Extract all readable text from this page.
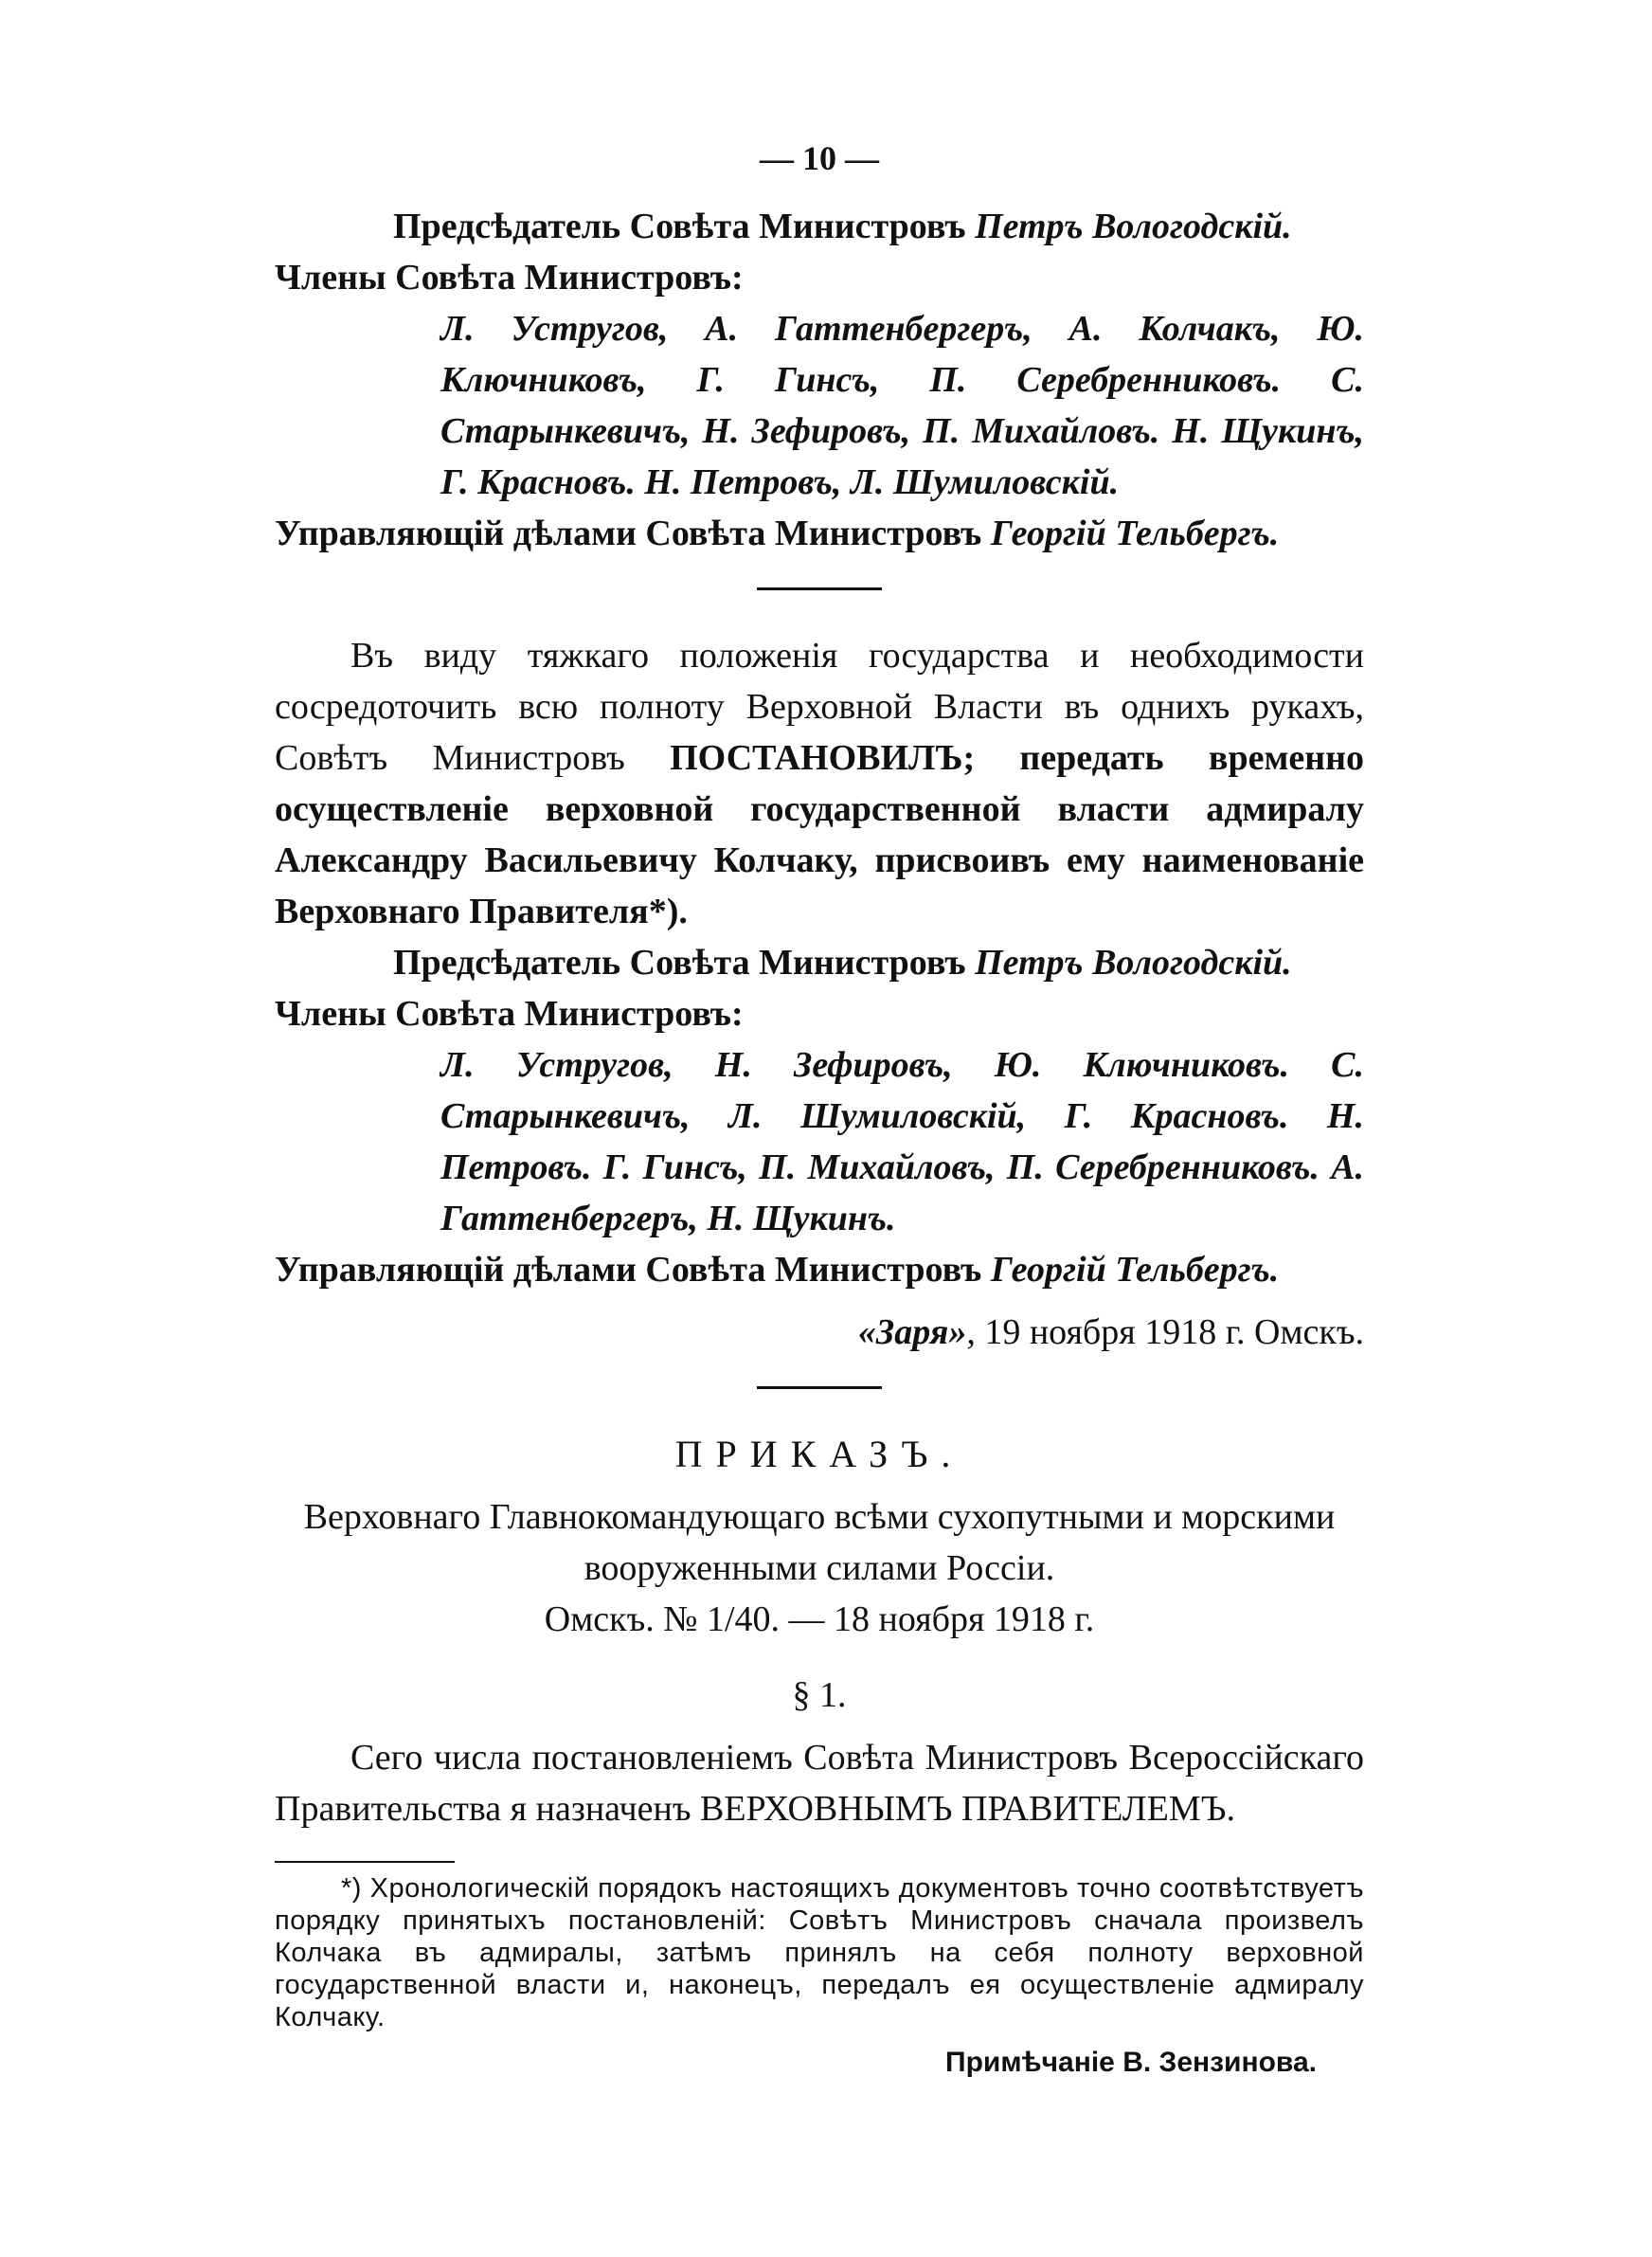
— 10 —
Предсѣдатель Совѣта Министровъ Петръ Вологодскій.
Члены Совѣта Министровъ:
Л. Устругов, А. Гаттенбергеръ, А. Колчакъ, Ю. Ключниковъ, Г. Гинсъ, П. Серебренниковъ. С. Старынкевичъ, Н. Зефировъ, П. Михайловъ. Н. Щукинъ, Г. Красновъ. Н. Петровъ, Л. Шумиловскій.
Управляющій дѣлами Совѣта Министровъ Георгій Тельбергъ.
Въ виду тяжкаго положенія государства и необходимости сосредоточить всю полноту Верховной Власти въ однихъ рукахъ, Совѣтъ Министровъ ПОСТАНОВИЛЪ; передать временно осуществленіе верховной государственной власти адмиралу Александру Васильевичу Колчаку, присвоивъ ему наименованіе Верховнаго Правителя*).
Предсѣдатель Совѣта Министровъ Петръ Вологодскій.
Члены Совѣта Министровъ:
Л. Устругов, Н. Зефировъ, Ю. Ключниковъ. С. Старынкевичъ, Л. Шумиловскій, Г. Красновъ. Н. Петровъ. Г. Гинсъ, П. Михайловъ, П. Серебренниковъ. А. Гаттенбергеръ, Н. Щукинъ.
Управляющій дѣлами Совѣта Министровъ Георгій Тельбергъ.
«Заря», 19 ноября 1918 г. Омскъ.
ПРИКАЗЪ.
Верховнаго Главнокомандующаго всѣми сухопутными и морскими вооруженными силами Россіи.
Омскъ. № 1/40. — 18 ноября 1918 г.
§ 1.
Сего числа постановленіемъ Совѣта Министровъ Всероссійскаго Правительства я назначенъ ВЕРХОВНЫМЪ ПРАВИТЕЛЕМЪ.
*) Хронологическій порядокъ настоящихъ документовъ точно соотвѣтствуетъ порядку принятыхъ постановленій: Совѣтъ Министровъ сначала произвелъ Колчака въ адмиралы, затѣмъ принялъ на себя полноту верховной государственной власти и, наконецъ, передалъ ея осуществленіе адмиралу Колчаку.
Примѣчаніе В. Зензинова.
